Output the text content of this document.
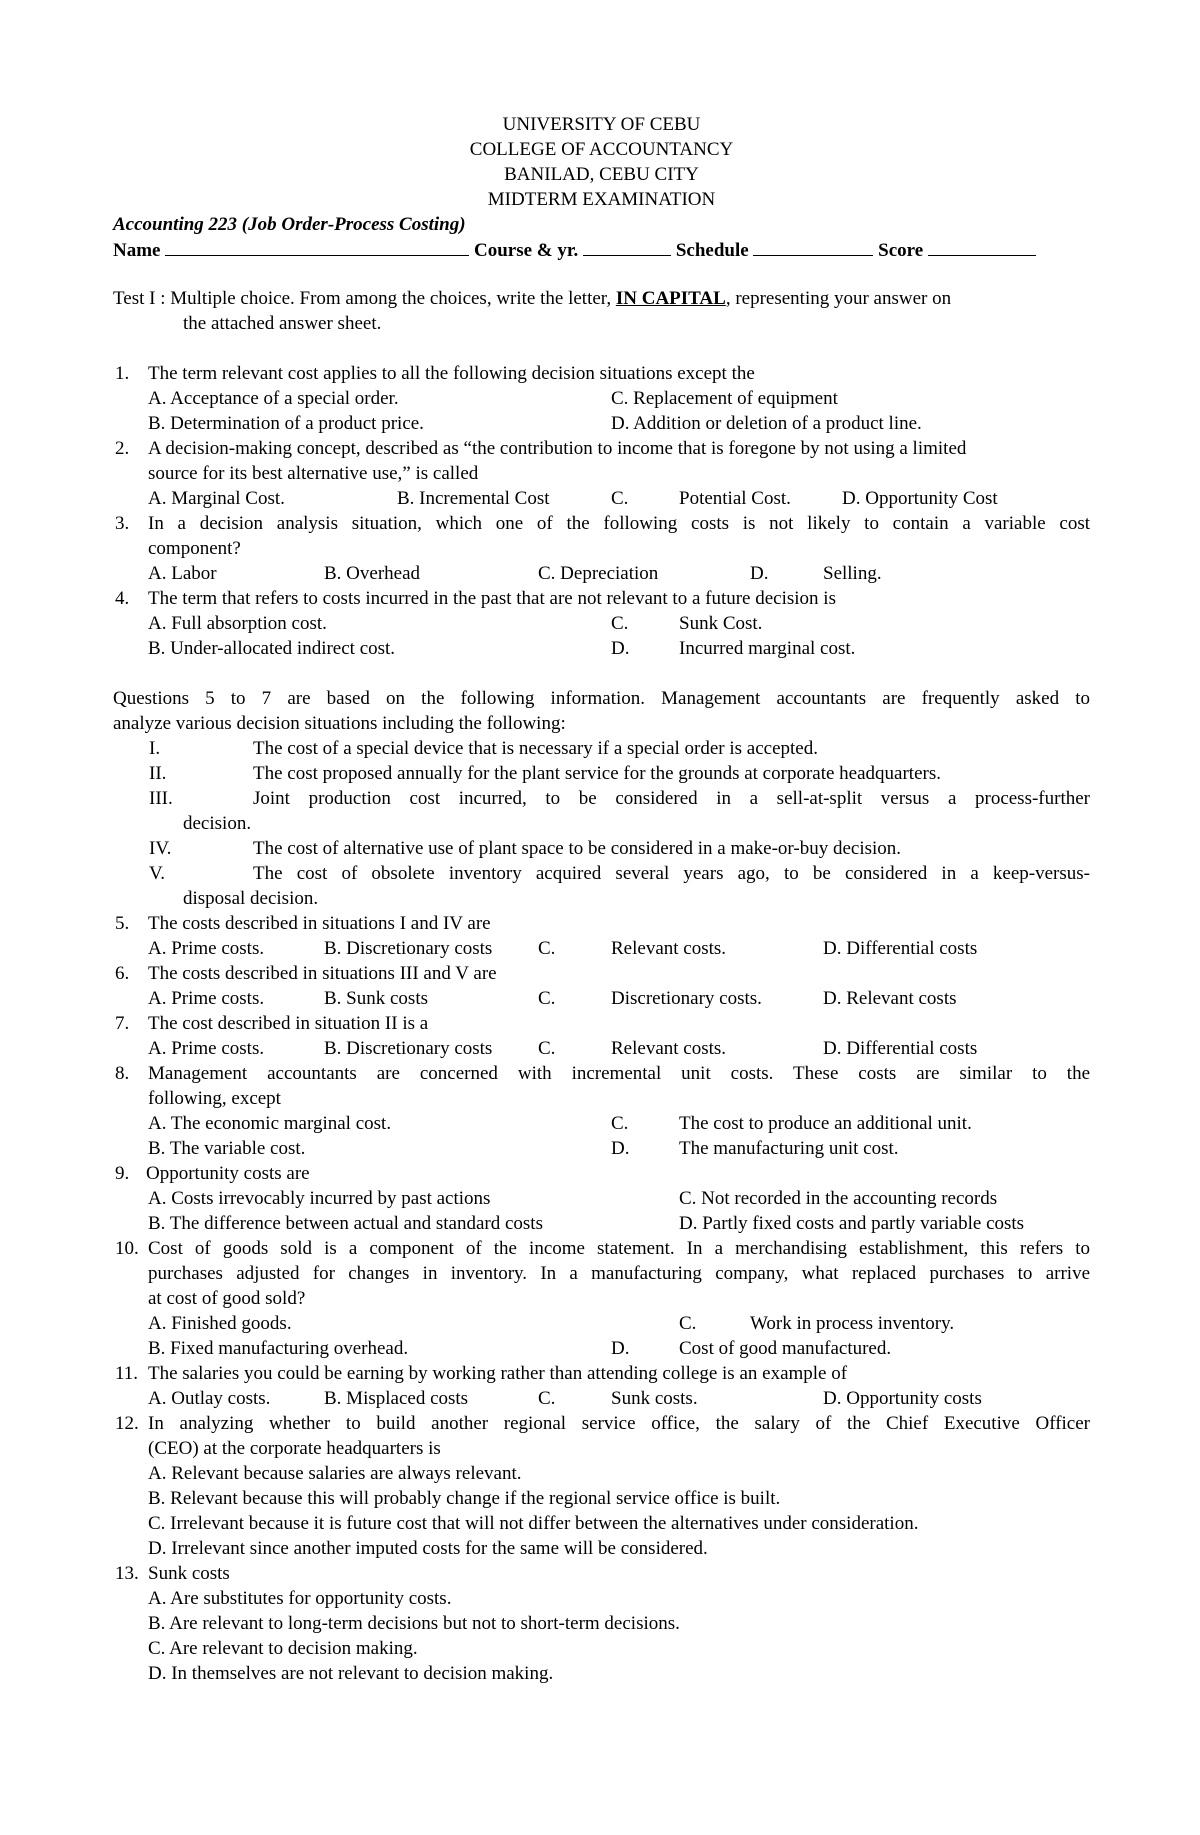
UNIVERSITY OF CEBU
COLLEGE OF ACCOUNTANCY
BANILAD, CEBU CITY
MIDTERM EXAMINATION
Accounting 223 (Job Order-Process Costing)
Name	Course & yr.	Schedule	Score
Test I : Multiple choice. From among the choices, write the letter, IN CAPITAL, representing your answer on
the attached answer sheet.
1. The term relevant cost applies to all the following decision situations except the
A. Acceptance of a special order.	C. Replacement of equipment
B. Determination of a product price.	D. Addition or deletion of a product line.
2. A decision-making concept, described as “the contribution to income that is foregone by not using a limited
source for its best alternative use,” is called
A. Marginal Cost.	B. Incremental Cost	C.	Potential Cost.	D. Opportunity Cost
3. In a decision analysis situation, which one of the following costs is not likely to contain a variable cost
component?
A. Labor	B. Overhead	C. Depreciation	D.	Selling.
4. The term that refers to costs incurred in the past that are not relevant to a future decision is
A. Full absorption cost.	C.	Sunk Cost.
B. Under-allocated indirect cost.	D.	Incurred marginal cost.
Questions 5 to 7 are based on the following information. Management accountants are frequently asked to
analyze various decision situations including the following:
I.	The cost of a special device that is necessary if a special order is accepted.
II.	The cost proposed annually for the plant service for the grounds at corporate headquarters.
III.	Joint production cost incurred, to be considered in a sell-at-split versus a process-further
decision.
IV.	The cost of alternative use of plant space to be considered in a make-or-buy decision.
V.	The cost of obsolete inventory acquired several years ago, to be considered in a keep-versus-
disposal decision.
5. The costs described in situations I and IV are
A. Prime costs.	B. Discretionary costs C.	Relevant costs.	D. Differential costs
6. The costs described in situations III and V are
A. Prime costs.	B. Sunk costs	C.	Discretionary costs.	D. Relevant costs
7. The cost described in situation II is a
A. Prime costs.	B. Discretionary costs C.	Relevant costs.	D. Differential costs
8. Management accountants are concerned with incremental unit costs. These costs are similar to the
following, except
A. The economic marginal cost.	C.	The cost to produce an additional unit.
B. The variable cost.	D.	The manufacturing unit cost.
9. Opportunity costs are
A. Costs irrevocably incurred by past actions	C. Not recorded in the accounting records
B. The difference between actual and standard costs	D. Partly fixed costs and partly variable costs
10. Cost of goods sold is a component of the income statement. In a merchandising establishment, this refers to
purchases adjusted for changes in inventory. In a manufacturing company, what replaced purchases to arrive
at cost of good sold?
A. Finished goods.	C.	Work in process inventory.
B. Fixed manufacturing overhead.	D.	Cost of good manufactured.
11. The salaries you could be earning by working rather than attending college is an example of
A. Outlay costs.	B. Misplaced costs	C.	Sunk costs.	D. Opportunity costs
12. In analyzing whether to build another regional service office, the salary of the Chief Executive Officer
(CEO) at the corporate headquarters is
A. Relevant because salaries are always relevant.
B. Relevant because this will probably change if the regional service office is built.
C. Irrelevant because it is future cost that will not differ between the alternatives under consideration.
D. Irrelevant since another imputed costs for the same will be considered.
13. Sunk costs
A. Are substitutes for opportunity costs.
B. Are relevant to long-term decisions but not to short-term decisions.
C. Are relevant to decision making.
D. In themselves are not relevant to decision making.
